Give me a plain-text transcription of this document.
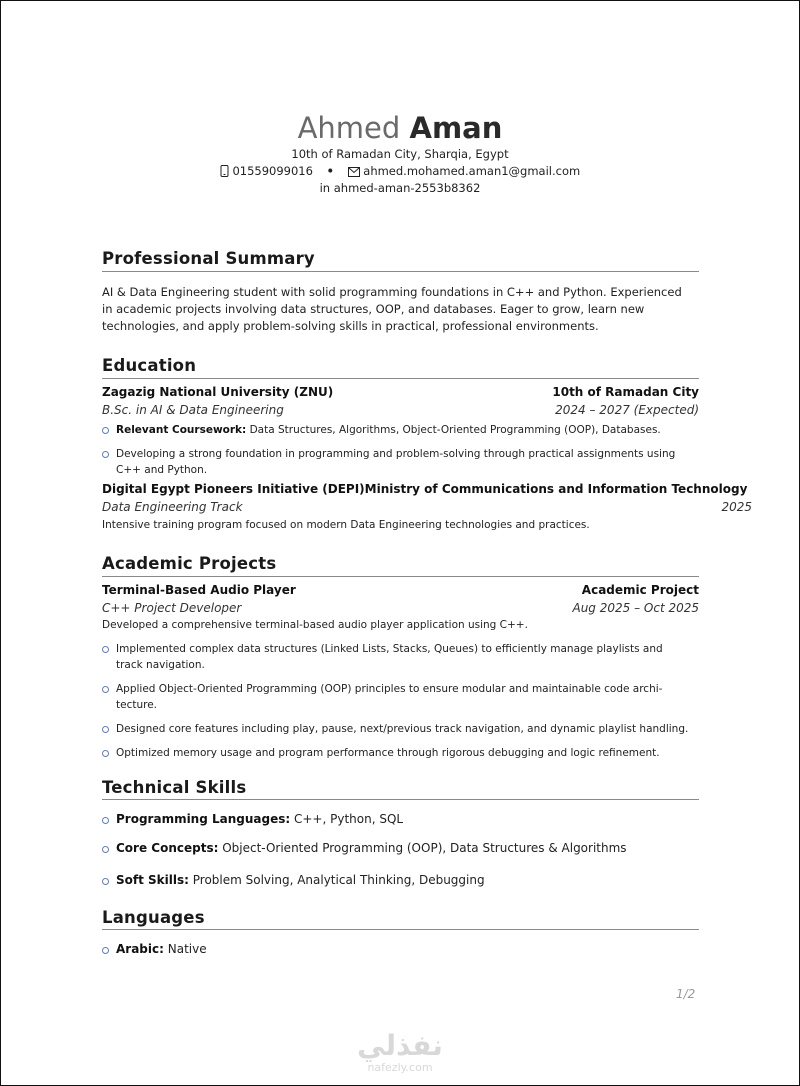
Ahmed Aman
10th of Ramadan City, Sharqia, Egypt
01559099016 •	ahmed.mohamed.aman1@gmail.com
in ahmed-aman-2553b8362
Professional Summary
AI & Data Engineering student with solid programming foundations in C++ and Python. Experienced
in academic projects involving data structures, OOP, and databases. Eager to grow, learn new
technologies, and apply problem-solving skills in practical, professional environments.
Education
Zagazig National University (ZNU)	10th of Ramadan City
B.Sc. in AI & Data Engineering	2024 – 2027 (Expected)
Relevant Coursework: Data Structures, Algorithms, Object-Oriented Programming (OOP), Databases.
Developing a strong foundation in programming and problem-solving through practical assignments using
C++ and Python.
Digital Egypt Pioneers Initiative (DEPI)Ministry of Communications and Information Technology
Data Engineering Track	2025
Intensive training program focused on modern Data Engineering technologies and practices.
Academic Projects
Terminal-Based Audio Player	Academic Project
C++ Project Developer	Aug 2025 – Oct 2025
Developed a comprehensive terminal-based audio player application using C++.
Implemented complex data structures (Linked Lists, Stacks, Queues) to efficiently manage playlists and
track navigation.
Applied Object-Oriented Programming (OOP) principles to ensure modular and maintainable code archi-
tecture.
Designed core features including play, pause, next/previous track navigation, and dynamic playlist handling.
Optimized memory usage and program performance through rigorous debugging and logic refinement.
Technical Skills
Programming Languages: C++, Python, SQL
Core Concepts: Object-Oriented Programming (OOP), Data Structures & Algorithms
Soft Skills: Problem Solving, Analytical Thinking, Debugging
Languages
Arabic: Native
1/2
نفذلي
nafezly.com
